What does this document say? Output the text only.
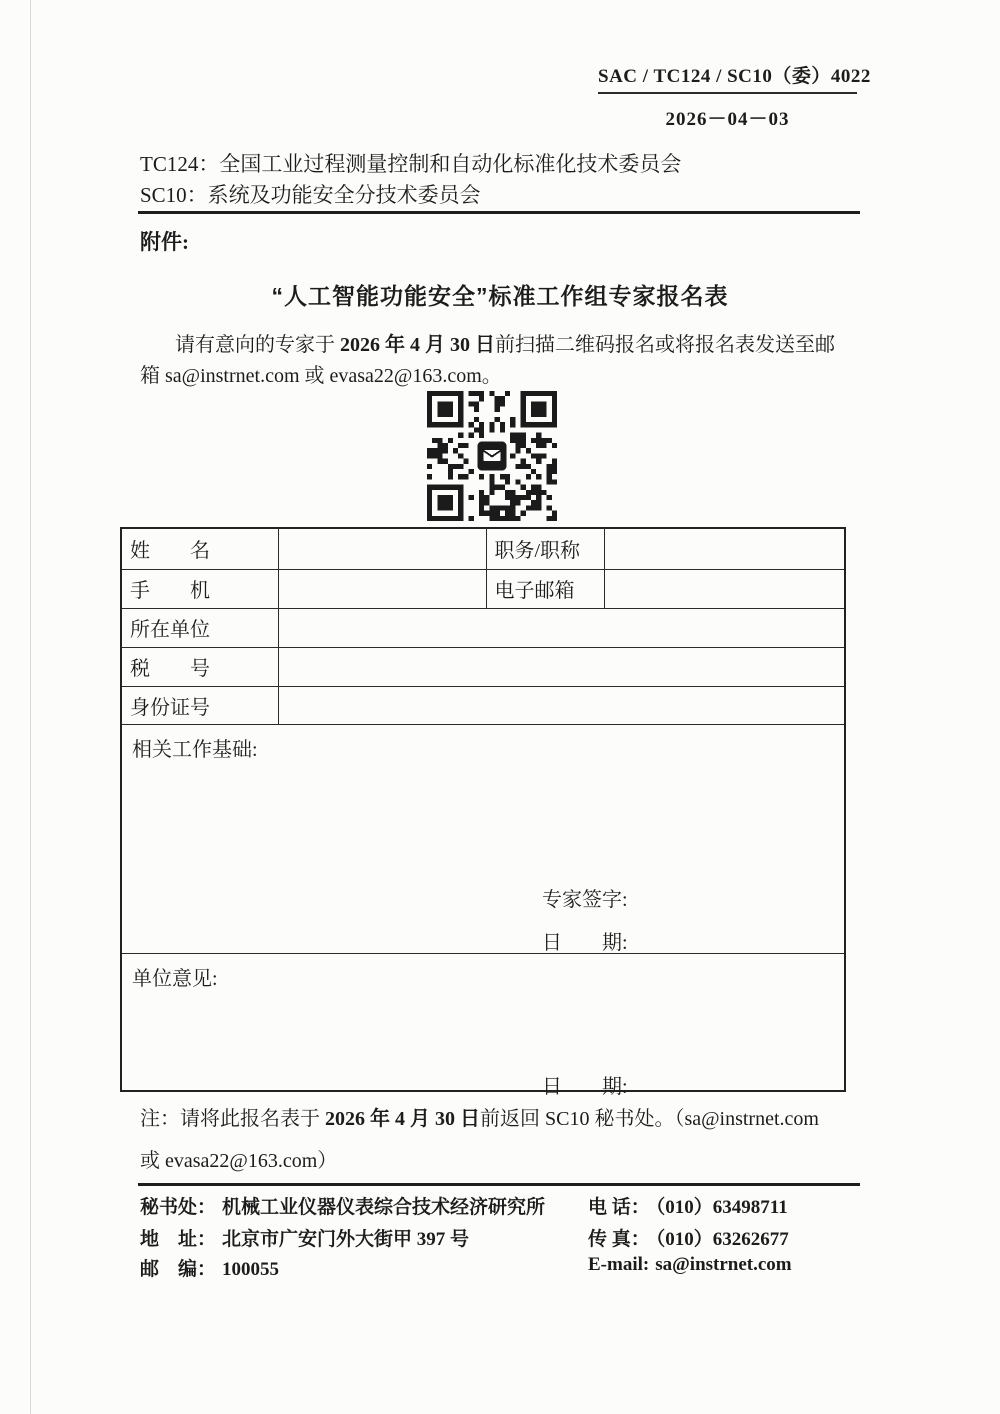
SAC / TC124 / SC10（委）4022
2026－04－03
TC124：全国工业过程测量控制和自动化标准化技术委员会
SC10：系统及功能安全分技术委员会
附件:
“人工智能功能安全”标准工作组专家报名表
请有意向的专家于 2026 年 4 月 30 日前扫描二维码报名或将报名表发送至邮
箱 sa@instrnet.com 或 evasa22@163.com。
姓　　名		职务/职称	
手　　机		电子邮箱	
所在单位			
税　　号			
身份证号			

相关工作基础:
专家签字:
日　　期:			

单位意见:
日　　期:			
注：请将此报名表于 2026 年 4 月 30 日前返回 SC10 秘书处。（sa@instrnet.com
或 evasa22@163.com）
秘书处： 机械工业仪器仪表综合技术经济研究所
地　址： 北京市广安门外大街甲 397 号
邮　编： 100055
电 话： （010）63498711
传 真： （010）63262677
E-mail: sa@instrnet.com
